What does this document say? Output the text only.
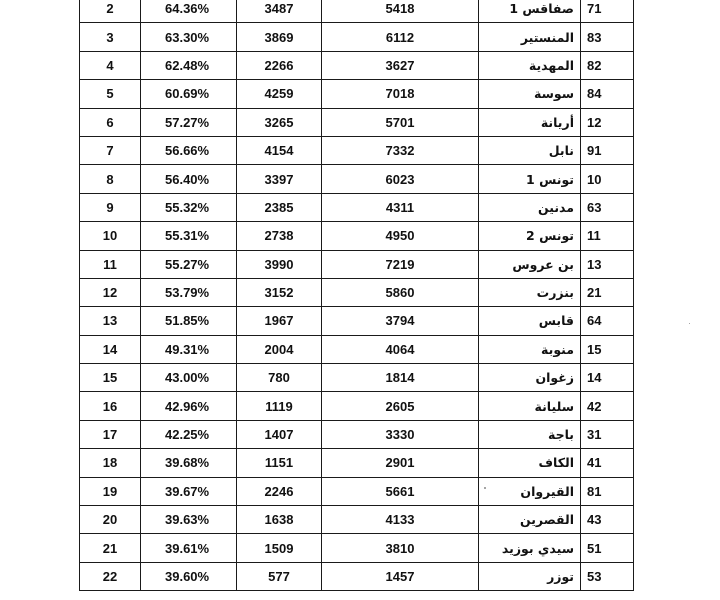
2	64.36%	3487	5418	صفاقس 1	71
3	63.30%	3869	6112	المنستير	83
4	62.48%	2266	3627	المهدية	82
5	60.69%	4259	7018	سوسة	84
6	57.27%	3265	5701	أريانة	12
7	56.66%	4154	7332	نابل	91
8	56.40%	3397	6023	تونس 1	10
9	55.32%	2385	4311	مدنين	63
10	55.31%	2738	4950	تونس 2	11
11	55.27%	3990	7219	بن عروس	13
12	53.79%	3152	5860	بنزرت	21
13	51.85%	1967	3794	قابس	64
14	49.31%	2004	4064	منوبة	15
15	43.00%	780	1814	زغوان	14
16	42.96%	1119	2605	سليانة	42
17	42.25%	1407	3330	باجة	31
18	39.68%	1151	2901	الكاف	41
19	39.67%	2246	5661	القيروان	81
20	39.63%	1638	4133	القصرين	43
21	39.61%	1509	3810	سيدي بوزيد	51
22	39.60%	577	1457	توزر	53
